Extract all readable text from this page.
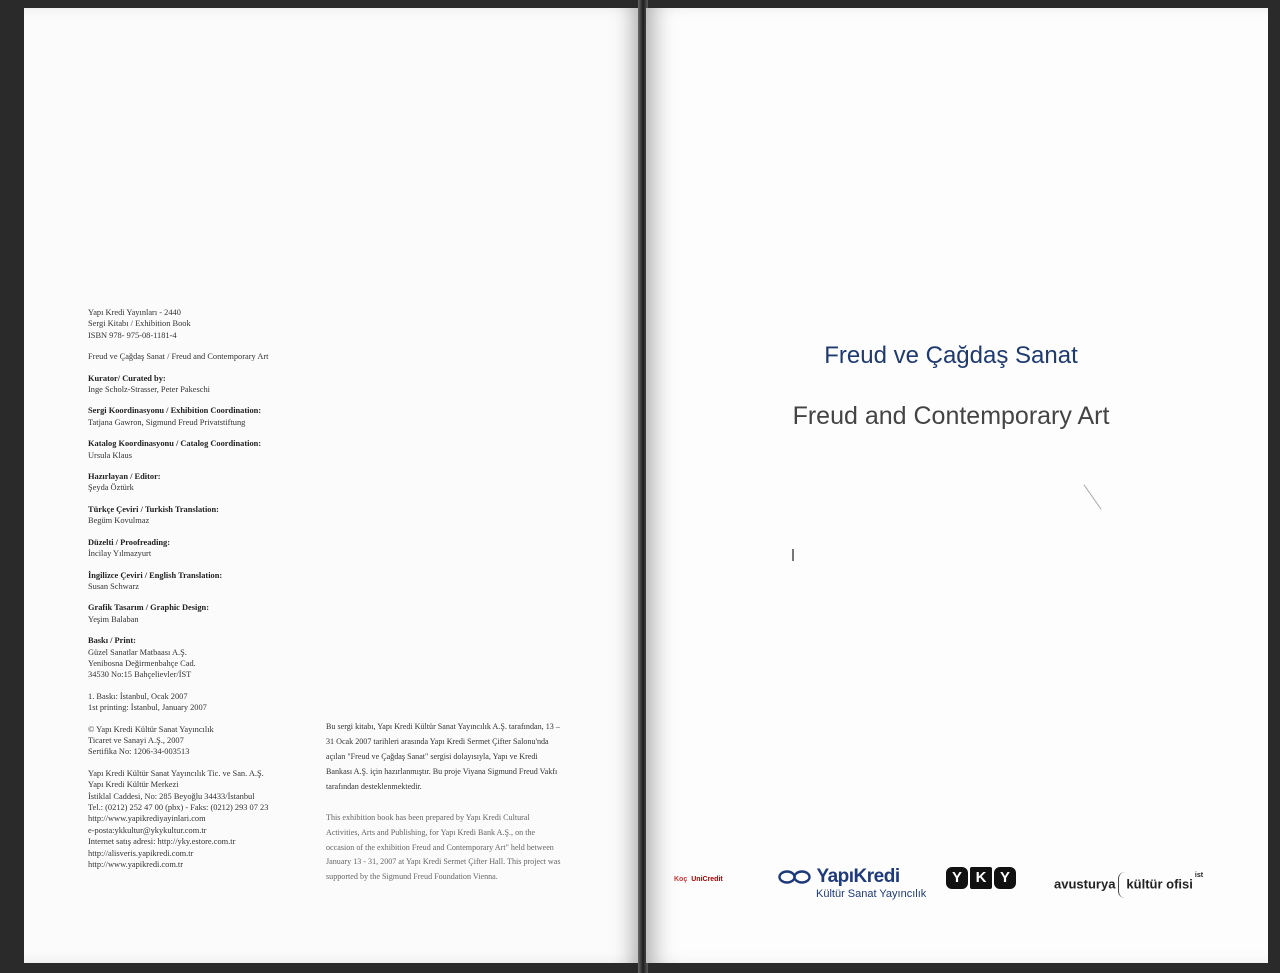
Yapı Kredi Yayınları - 2440
Sergi Kitabı / Exhibition Book
ISBN 978- 975-08-1181-4
Freud ve Çağdaş Sanat / Freud and Contemporary Art
Kurator/ Curated by:
Inge Scholz-Strasser, Peter Pakeschi
Sergi Koordinasyonu / Exhibition Coordination:
Tatjana Gawron, Sigmund Freud Privatstiftung
Katalog Koordinasyonu / Catalog Coordination:
Ursula Klaus
Hazırlayan / Editor:
Şeyda Öztürk
Türkçe Çeviri / Turkish Translation:
Begüm Kovulmaz
Düzelti / Proofreading:
İncilay Yılmazyurt
İngilizce Çeviri / English Translation:
Susan Schwarz
Grafik Tasarım / Graphic Design:
Yeşim Balaban
Baskı / Print:
Güzel Sanatlar Matbaası A.Ş.
Yenibosna Değirmenbahçe Cad.
34530 No:15 Bahçelievler/İST
1. Baskı: İstanbul, Ocak 2007
1st printing: İstanbul, January 2007
© Yapı Kredi Kültür Sanat Yayıncılık
Ticaret ve Sanayi A.Ş., 2007
Sertifika No: 1206-34-003513
Yapı Kredi Kültür Sanat Yayıncılık Tic. ve San. A.Ş.
Yapı Kredi Kültür Merkezi
İstiklal Caddesi, No: 285 Beyoğlu 34433/İstanbul
Tel.: (0212) 252 47 00 (pbx) - Faks: (0212) 293 07 23
http://www.yapikrediyayinlari.com
e-posta:ykkultur@ykykultur.com.tr
Internet satış adresi: http://yky.estore.com.tr
http://alisveris.yapikredi.com.tr
http://www.yapikredi.com.tr
Bu sergi kitabı, Yapı Kredi Kültür Sanat Yayıncılık A.Ş. tarafından, 13 – 31 Ocak 2007 tarihleri arasında Yapı Kredi Sermet Çifter Salonu'nda açılan "Freud ve Çağdaş Sanat" sergisi dolayısıyla, Yapı ve Kredi Bankası A.Ş. için hazırlanmıştır. Bu proje Viyana Sigmund Freud Vakfı tarafından desteklenmektedir.
This exhibition book has been prepared by Yapı Kredi Cultural Activities, Arts and Publishing, for Yapı Kredi Bank A.Ş., on the occasion of the exhibition Freud and Contemporary Art" held between January 13 - 31, 2007 at Yapı Kredi Sermet Çifter Hall. This project was supported by the Sigmund Freud Foundation Vienna.
Freud ve Çağdaş Sanat
Freud and Contemporary Art
Koç UniCredit	YapıKredi
Kültür Sanat Yayıncılık
Y K Y	avusturya kültür ofisi$^{ist}$
